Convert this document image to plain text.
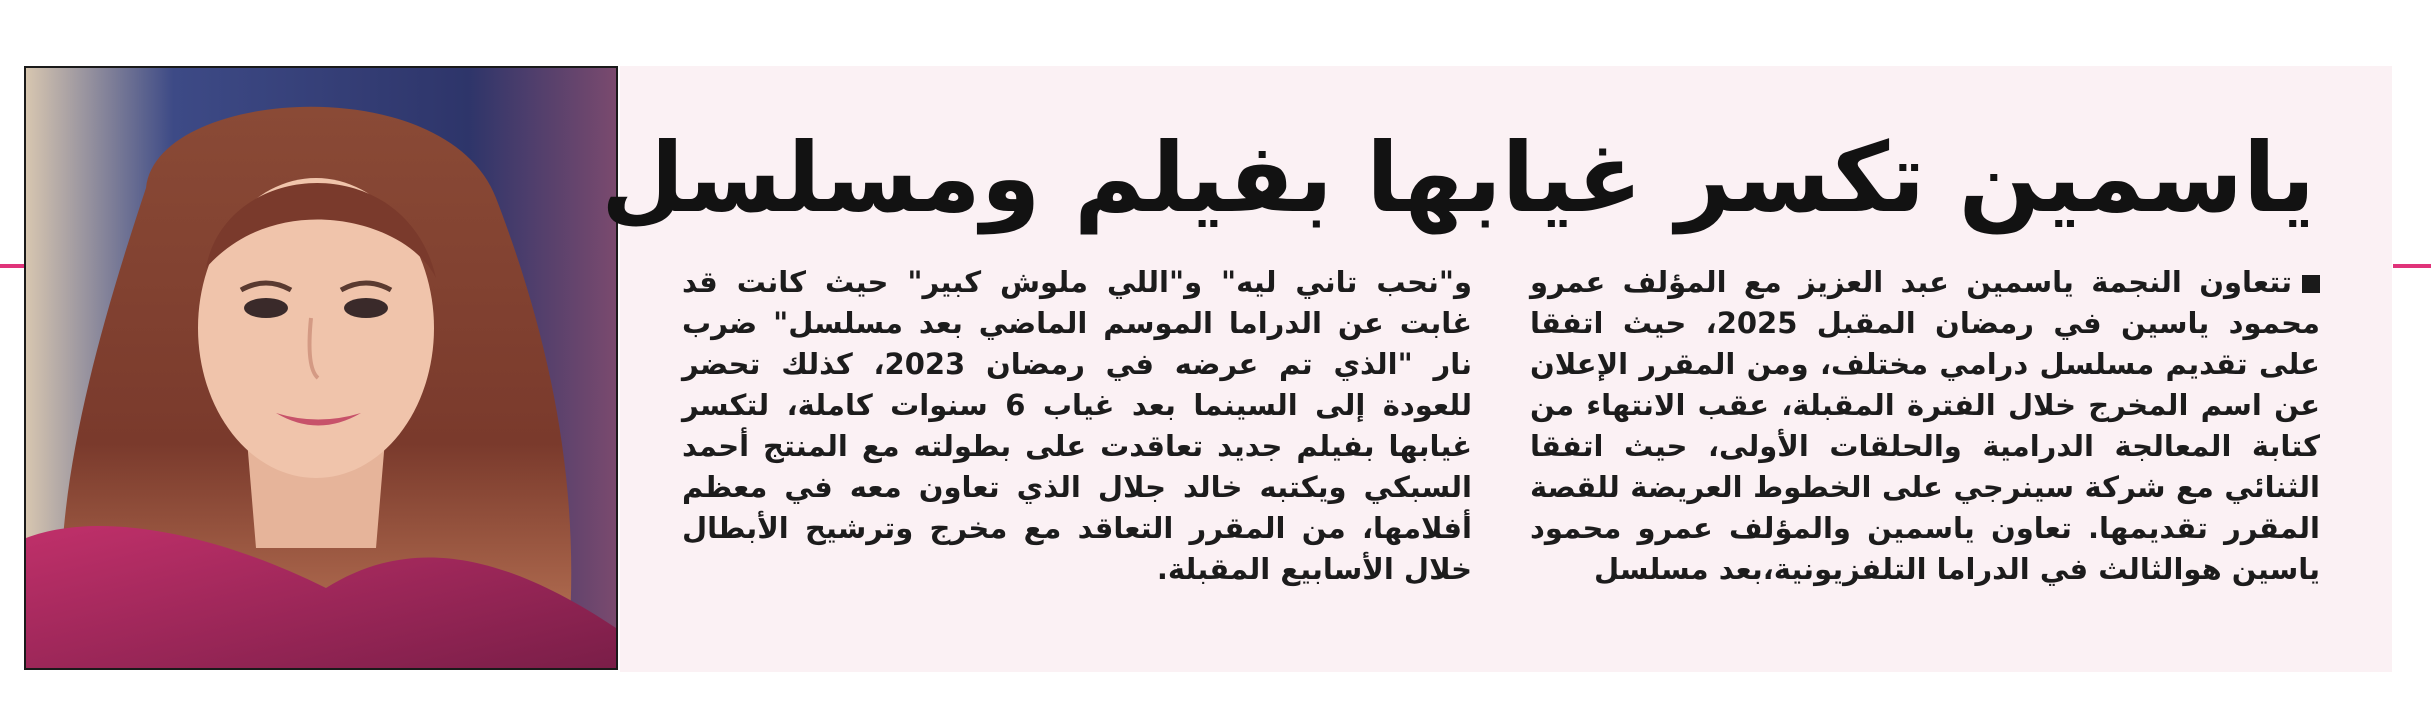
ياسمين تكسر غيابها بفيلم ومسلسل

تتعاون النجمة ياسمين عبد العزيز مع المؤلف عمرو محمود ياسين في رمضان المقبل 2025، حيث اتفقا على تقديم مسلسل درامي مختلف، ومن المقرر الإعلان عن اسم المخرج خلال الفترة المقبلة، عقب الانتهاء من كتابة المعالجة الدرامية والحلقات الأولى، حيث اتفقا الثنائي مع شركة سينرجي على الخطوط العريضة للقصة المقرر تقديمها. تعاون ياسمين والمؤلف عمرو محمود ياسين هوالثالث في الدراما التلفزيونية،بعد مسلسل

و"نحب تاني ليه" و"اللي ملوش كبير" حيث كانت قد غابت عن الدراما الموسم الماضي بعد مسلسل" ضرب نار "الذي تم عرضه في رمضان 2023، كذلك تحضر للعودة إلى السينما بعد غياب 6 سنوات كاملة، لتكسر غيابها بفيلم جديد تعاقدت على بطولته مع المنتج أحمد السبكي ويكتبه خالد جلال الذي تعاون معه في معظم أفلامها، من المقرر التعاقد مع مخرج وترشيح الأبطال خلال الأسابيع المقبلة.
